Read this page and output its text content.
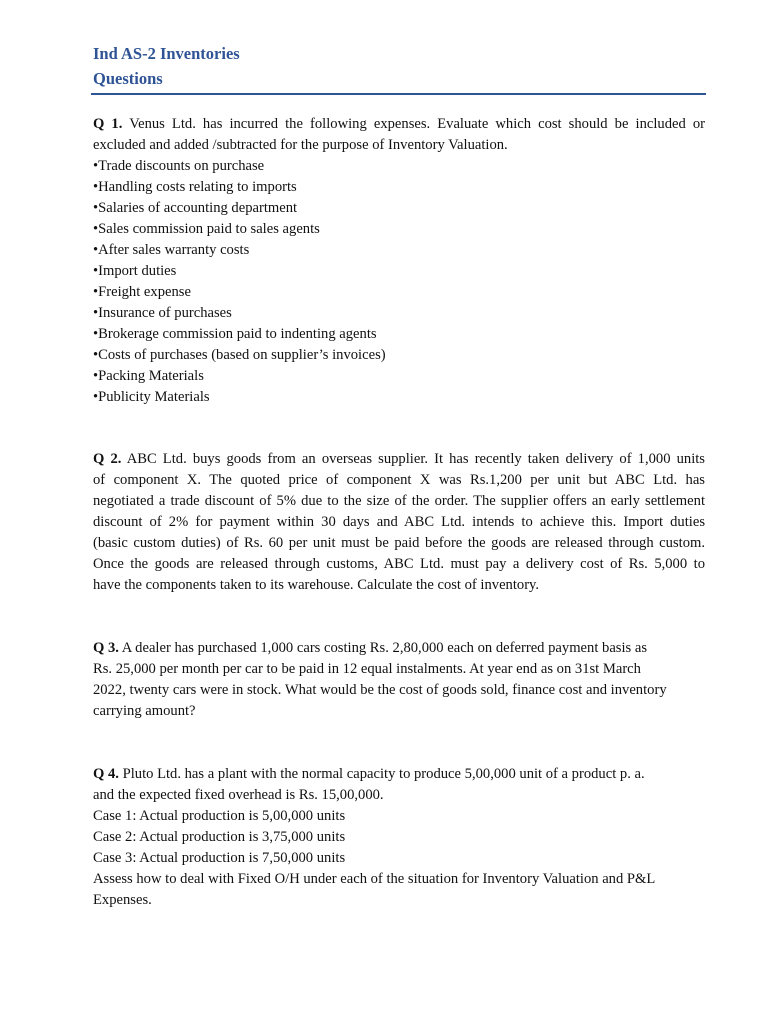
Ind AS-2 Inventories
Questions
Q 1. Venus Ltd. has incurred the following expenses. Evaluate which cost should be included or
excluded and added /subtracted for the purpose of Inventory Valuation.
•Trade discounts on purchase
•Handling costs relating to imports
•Salaries of accounting department
•Sales commission paid to sales agents
•After sales warranty costs
•Import duties
•Freight expense
•Insurance of purchases
•Brokerage commission paid to indenting agents
•Costs of purchases (based on supplier’s invoices)
•Packing Materials
•Publicity Materials
Q 2. ABC Ltd. buys goods from an overseas supplier. It has recently taken delivery of 1,000 units
of component X. The quoted price of component X was Rs.1,200 per unit but ABC Ltd. has
negotiated a trade discount of 5% due to the size of the order. The supplier offers an early settlement
discount of 2% for payment within 30 days and ABC Ltd. intends to achieve this. Import duties
(basic custom duties) of Rs. 60 per unit must be paid before the goods are released through custom.
Once the goods are released through customs, ABC Ltd. must pay a delivery cost of Rs. 5,000 to
have the components taken to its warehouse. Calculate the cost of inventory.
Q 3. A dealer has purchased 1,000 cars costing Rs. 2,80,000 each on deferred payment basis as
Rs. 25,000 per month per car to be paid in 12 equal instalments. At year end as on 31st March
2022, twenty cars were in stock. What would be the cost of goods sold, finance cost and inventory
carrying amount?
Q 4. Pluto Ltd. has a plant with the normal capacity to produce 5,00,000 unit of a product p. a.
and the expected fixed overhead is Rs. 15,00,000.
Case 1: Actual production is 5,00,000 units
Case 2: Actual production is 3,75,000 units
Case 3: Actual production is 7,50,000 units
Assess how to deal with Fixed O/H under each of the situation for Inventory Valuation and P&L
Expenses.
